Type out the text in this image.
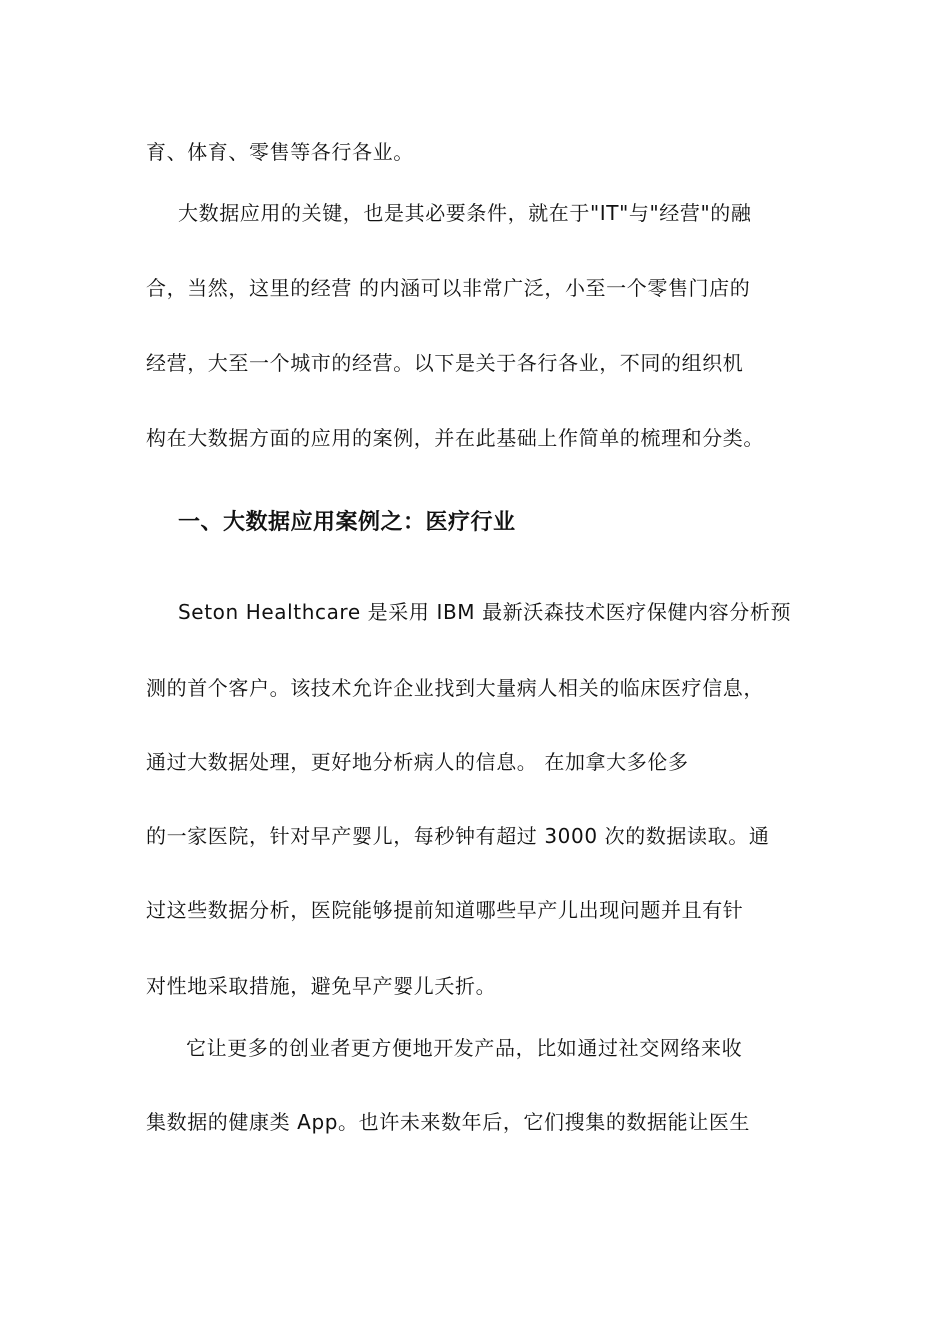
育、体育、零售等各行各业。
大数据应用的关键，也是其必要条件，就在于"IT"与"经营"的融
合，当然，这里的经营 的内涵可以非常广泛，小至一个零售门店的
经营，大至一个城市的经营。以下是关于各行各业，不同的组织机
构在大数据方面的应用的案例，并在此基础上作简单的梳理和分类。
一、大数据应用案例之：医疗行业
Seton Healthcare 是采用 IBM 最新沃森技术医疗保健内容分析预
测的首个客户。该技术允许企业找到大量病人相关的临床医疗信息，
通过大数据处理，更好地分析病人的信息。 在加拿大多伦多
的一家医院，针对早产婴儿，每秒钟有超过 3000 次的数据读取。通
过这些数据分析，医院能够提前知道哪些早产儿出现问题并且有针
对性地采取措施，避免早产婴儿夭折。
它让更多的创业者更方便地开发产品，比如通过社交网络来收
集数据的健康类 App。也许未来数年后，它们搜集的数据能让医生
